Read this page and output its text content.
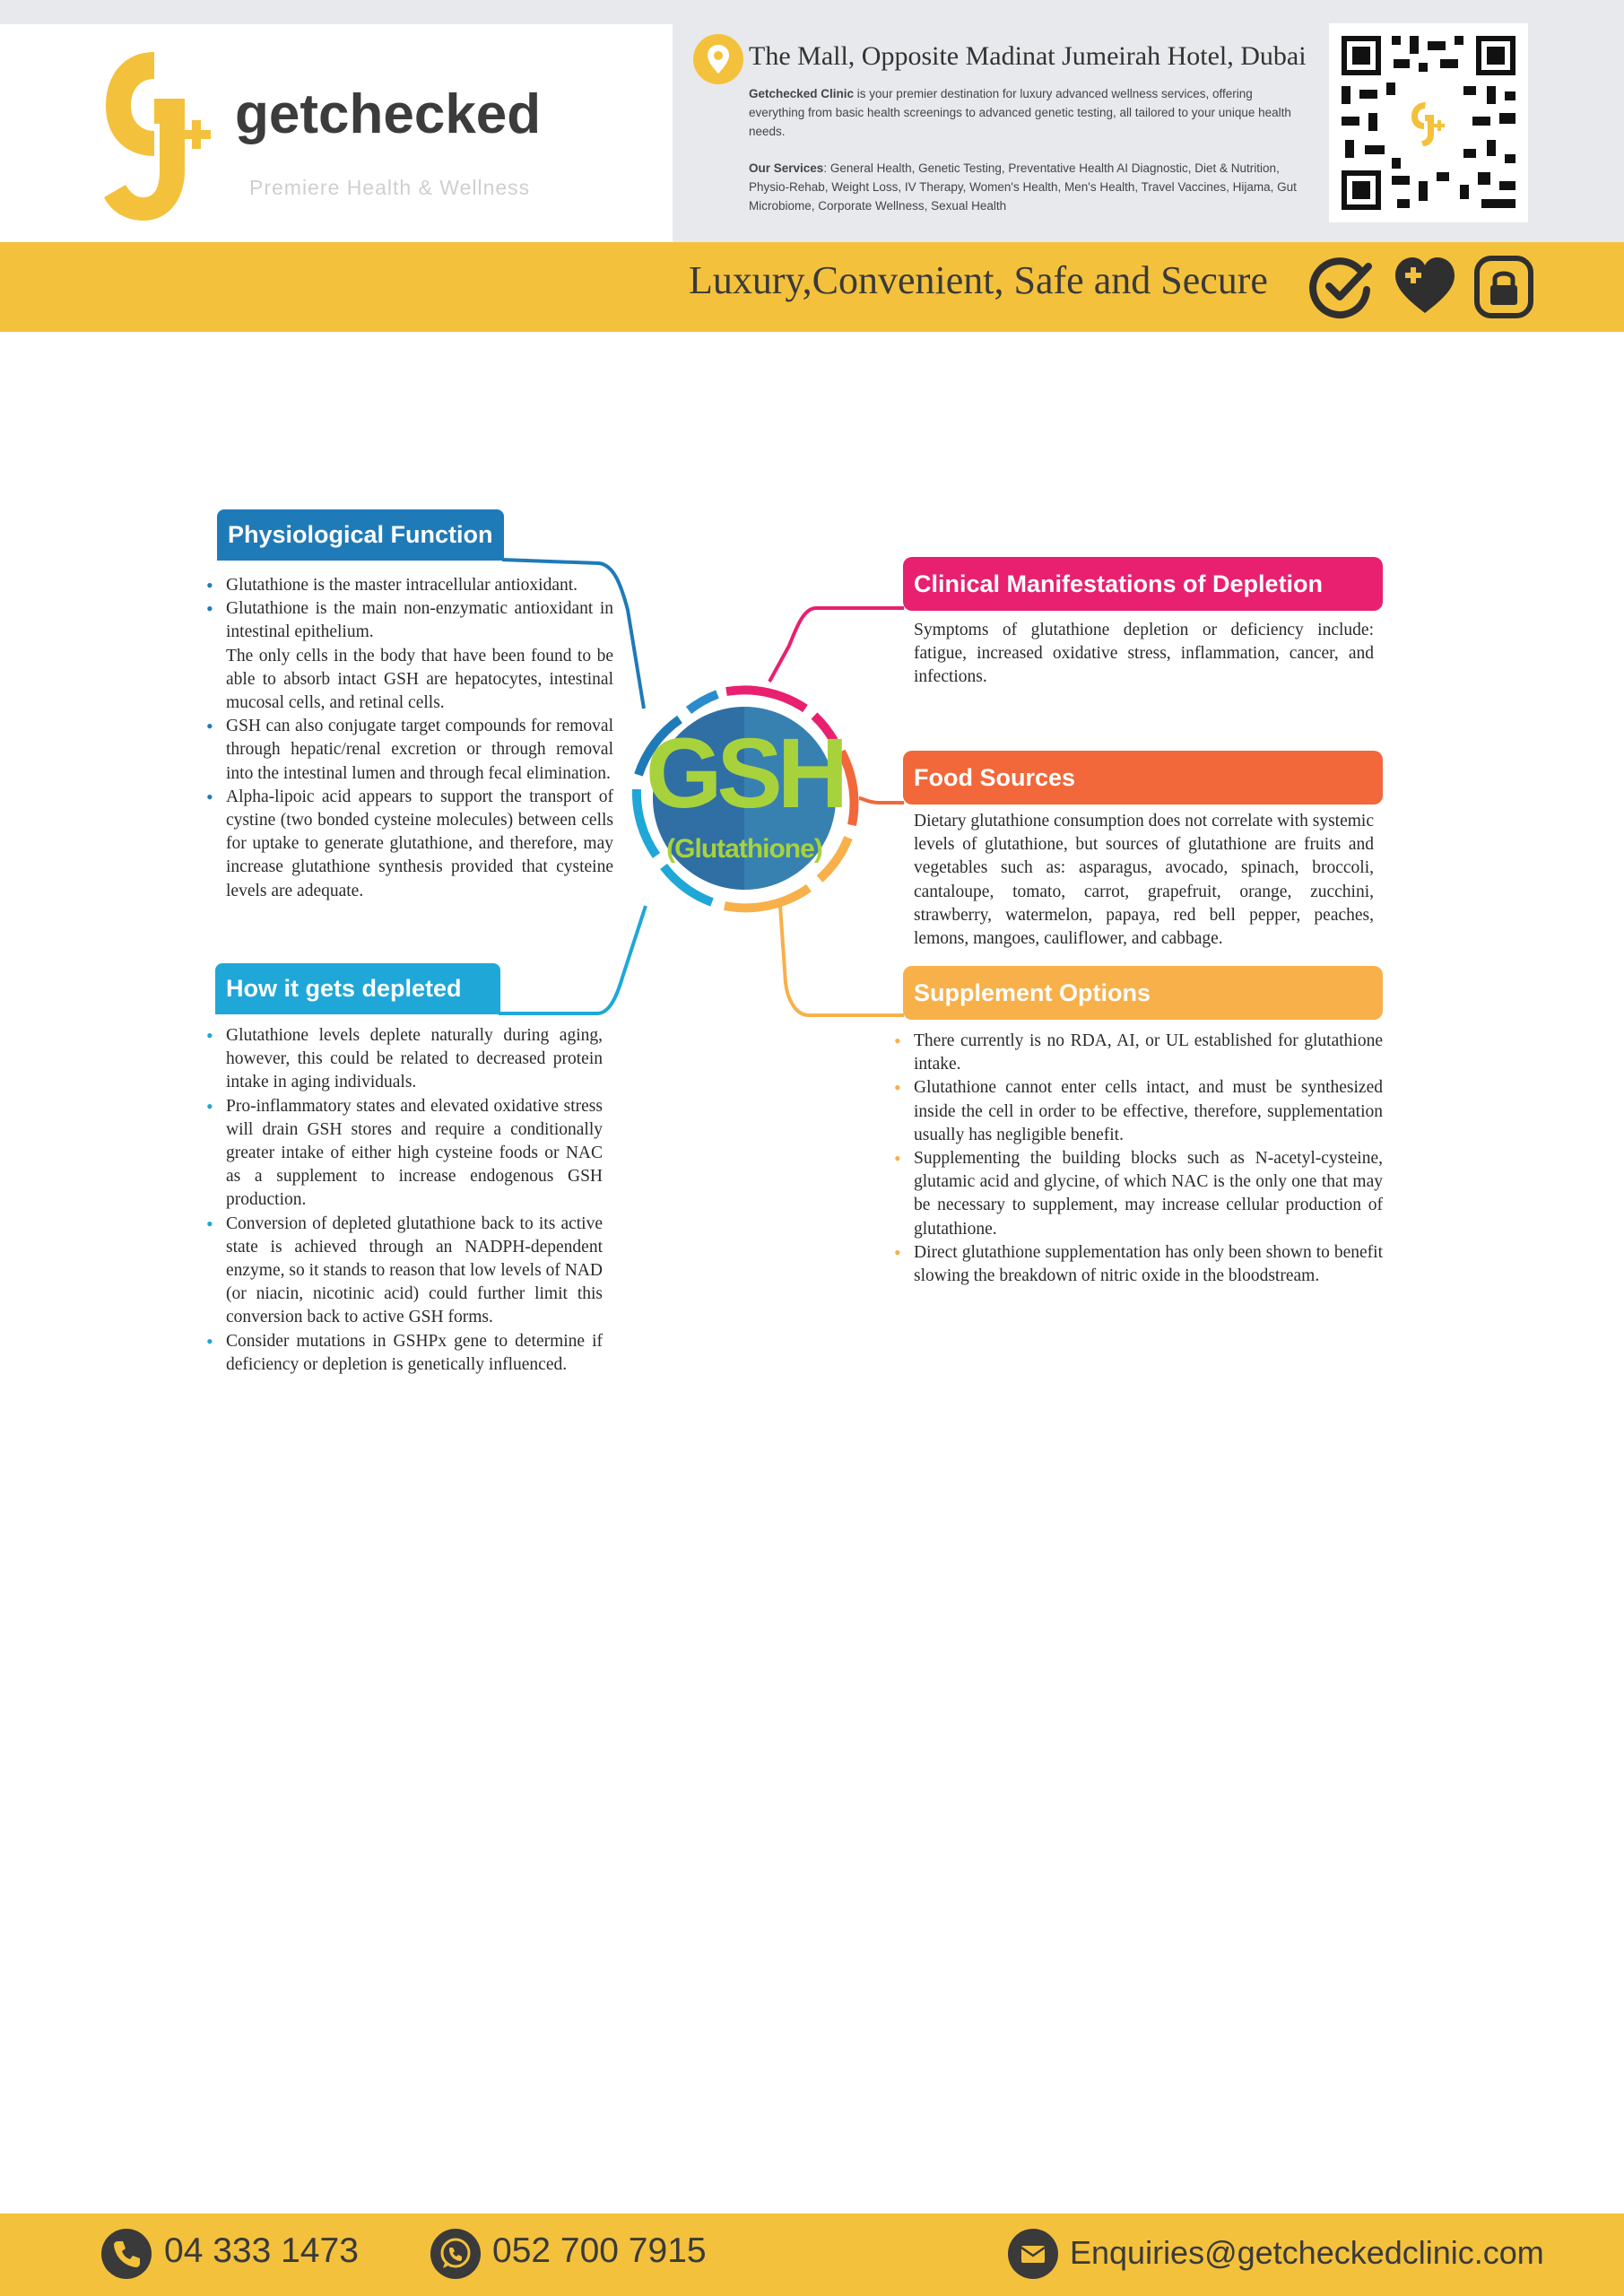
getchecked
Premiere Health & Wellness
The Mall, Opposite Madinat Jumeirah Hotel, Dubai
Getchecked Clinic is your premier destination for luxury advanced wellness services, offering everything from basic health screenings to advanced genetic testing, all tailored to your unique health needs.
Our Services: General Health, Genetic Testing, Preventative Health AI Diagnostic, Diet & Nutrition, Physio-Rehab, Weight Loss, IV Therapy, Women's Health, Men's Health, Travel Vaccines, Hijama, Gut Microbiome, Corporate Wellness, Sexual Health
Luxury,Convenient, Safe and Secure
GSH
(Glutathione)
Physiological Function
• Glutathione is the master intracellular antioxidant.
• Glutathione is the main non-enzymatic antioxidant in intestinal epithelium.

The only cells in the body that have been found to be able to absorb intact GSH are hepatocytes, intestinal mucosal cells, and retinal cells.

• GSH can also conjugate target compounds for removal through hepatic/renal excretion or through removal into the intestinal lumen and through fecal elimination.
• Alpha-lipoic acid appears to support the transport of cystine (two bonded cysteine molecules) between cells for uptake to generate glutathione, and therefore, may increase glutathione synthesis provided that cysteine levels are adequate.
How it gets depleted
• Glutathione levels deplete naturally during aging, however, this could be related to decreased protein intake in aging individuals.
• Pro-inflammatory states and elevated oxidative stress will drain GSH stores and require a conditionally greater intake of either high cysteine foods or NAC as a supplement to increase endogenous GSH production.
• Conversion of depleted glutathione back to its active state is achieved through an NADPH-dependent enzyme, so it stands to reason that low levels of NAD (or niacin, nicotinic acid) could further limit this conversion back to active GSH forms.
• Consider mutations in GSHPx gene to determine if deficiency or depletion is genetically influenced.
Clinical Manifestations of Depletion
Symptoms of glutathione depletion or deficiency include: fatigue, increased oxidative stress, inflammation, cancer, and infections.
Food Sources
Dietary glutathione consumption does not correlate with systemic levels of glutathione, but sources of glutathione are fruits and vegetables such as: asparagus, avocado, spinach, broccoli, cantaloupe, tomato, carrot, grapefruit, orange, zucchini, strawberry, watermelon, papaya, red bell pepper, peaches, lemons, mangoes, cauliflower, and cabbage.
Supplement Options
• There currently is no RDA, AI, or UL established for glutathione intake.
• Glutathione cannot enter cells intact, and must be synthesized inside the cell in order to be effective, therefore, supplementation usually has negligible benefit.
• Supplementing the building blocks such as N-acetyl-cysteine, glutamic acid and glycine, of which NAC is the only one that may be necessary to supplement, may increase cellular production of glutathione.
• Direct glutathione supplementation has only been shown to benefit slowing the breakdown of nitric oxide in the bloodstream.
04 333 1473	052 700 7915	Enquiries@getcheckedclinic.com
